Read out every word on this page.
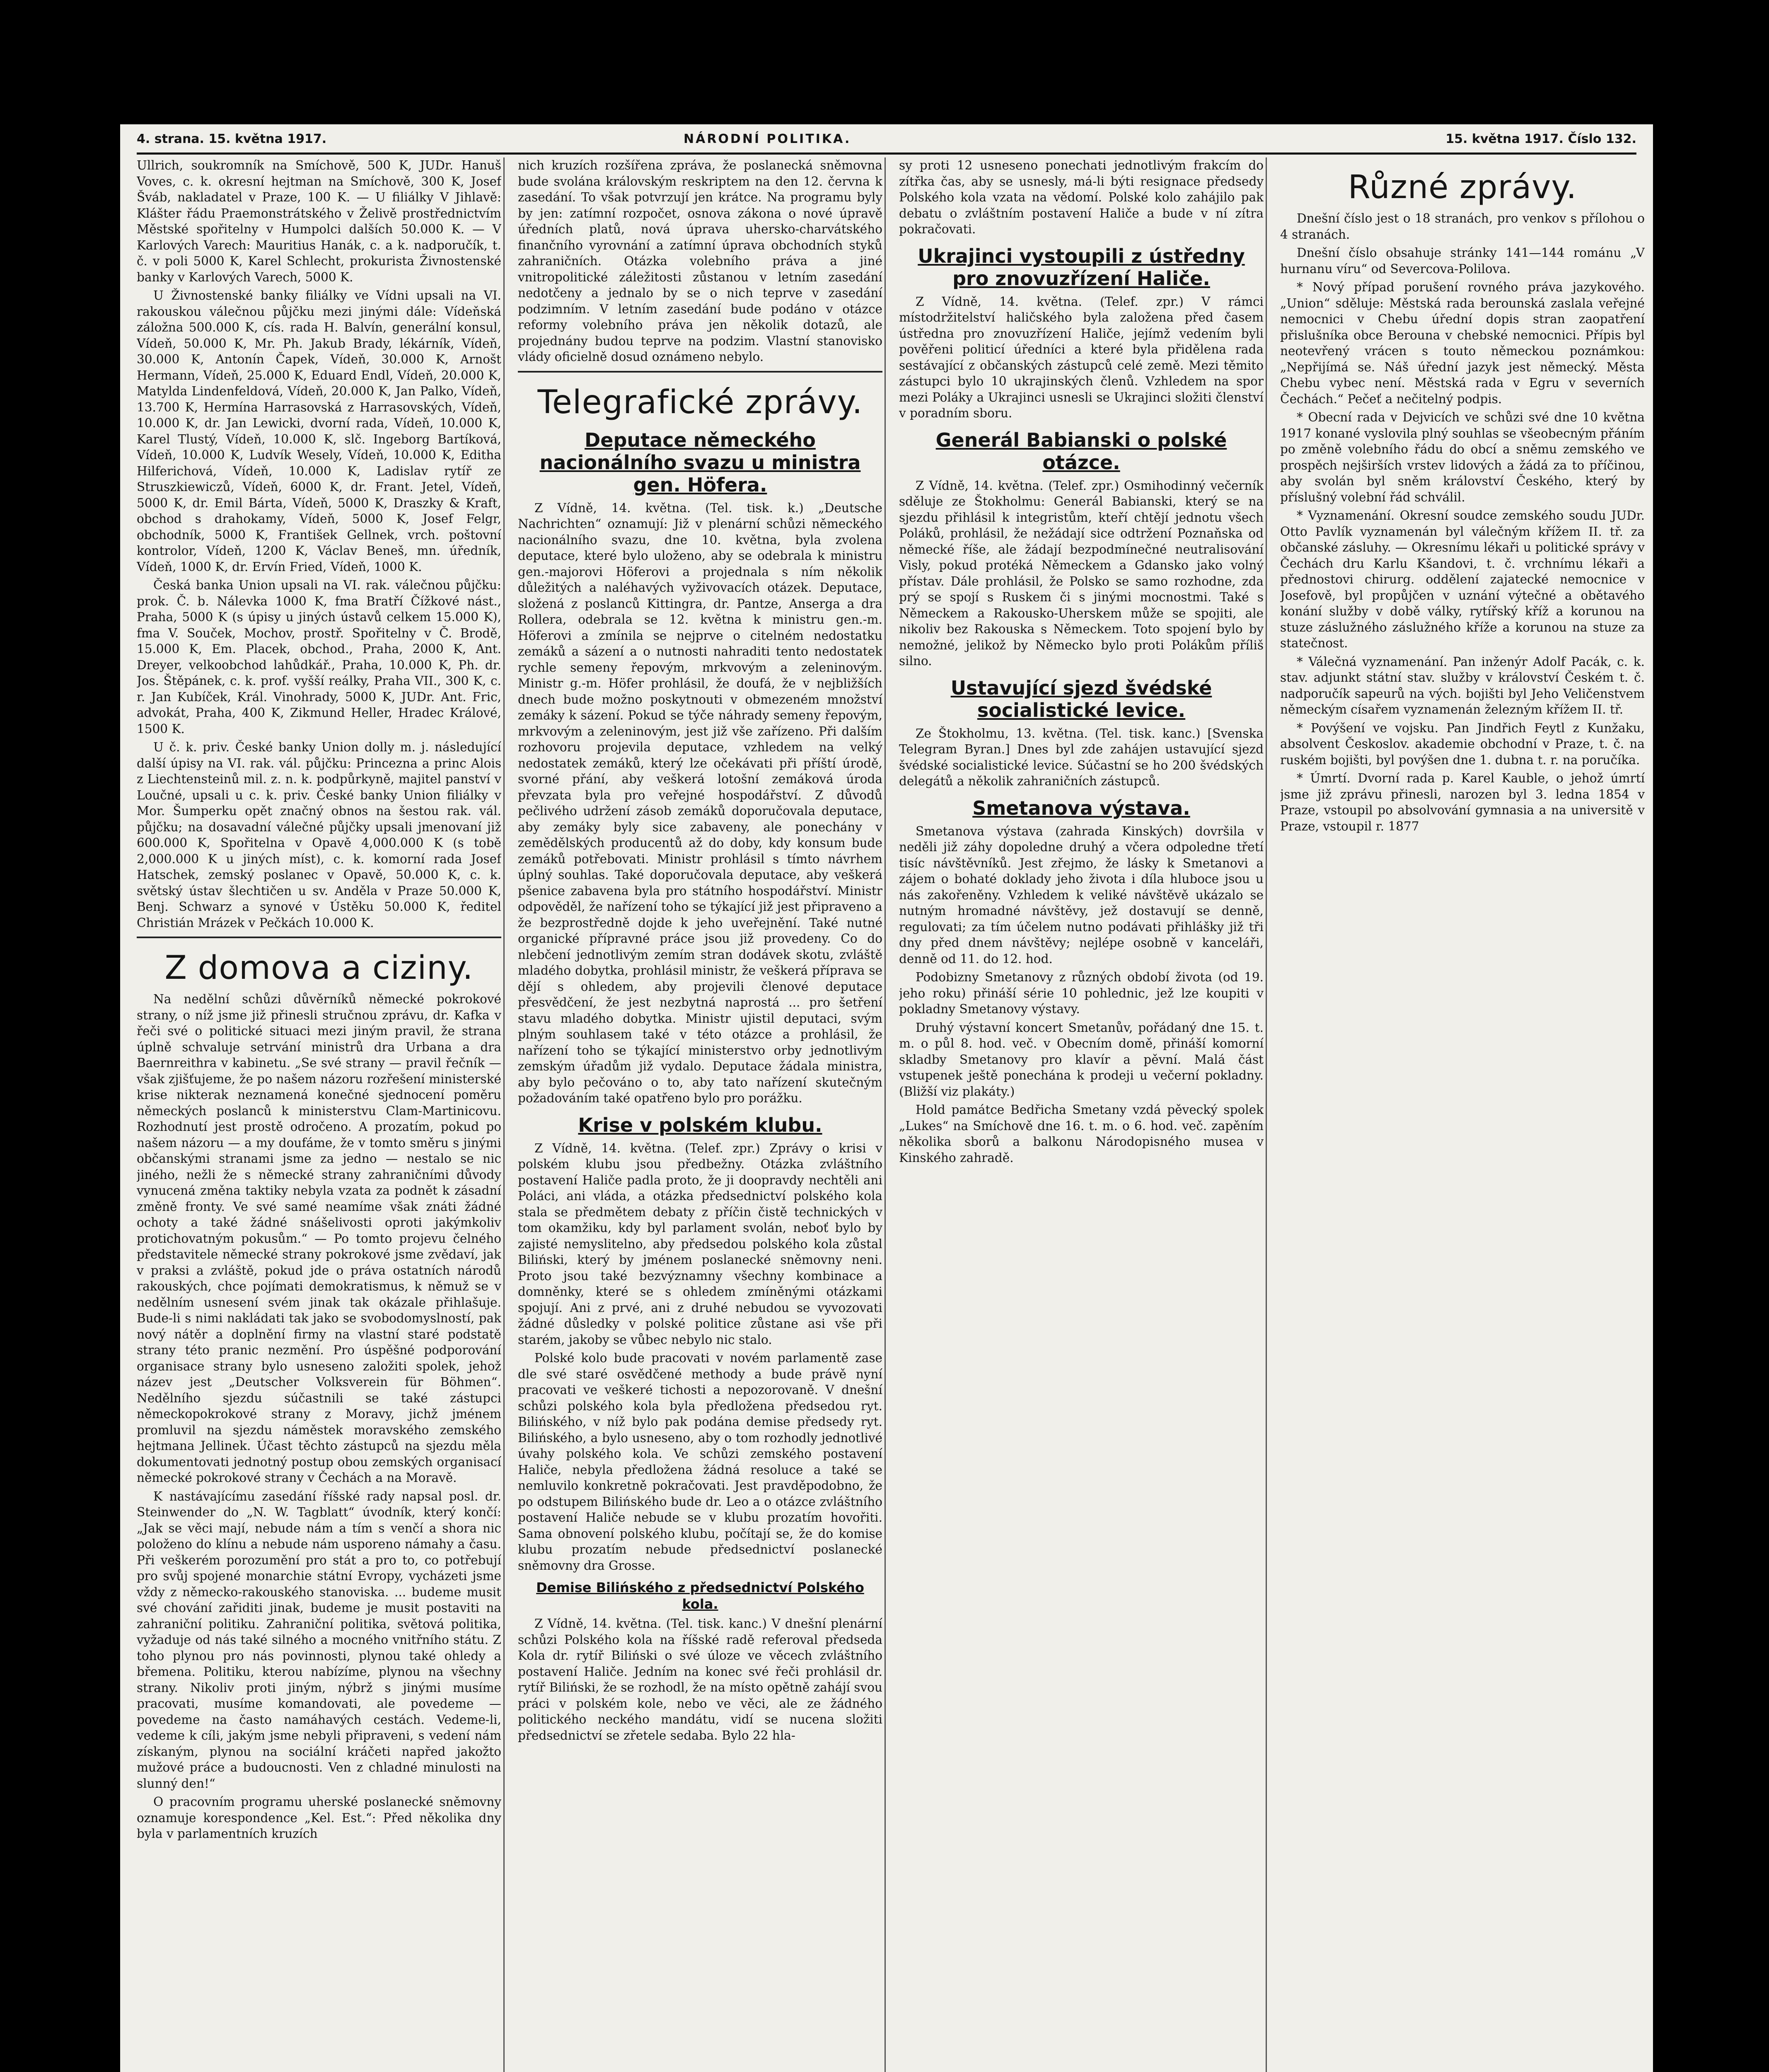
4. strana. 15. května 1917.	NÁRODNÍ POLITIKA.	15. května 1917. Číslo 132.

Ullrich, soukromník na Smíchově, 500 K, JUDr. Hanuš Voves, c. k. okresní hejtman na Smíchově, 300 K, Josef Šváb, nakladatel v Praze, 100 K. — U filiálky V Jihlavě: Klášter řádu Praemonstrátského v Želivě prostřednictvím Městské spořitelny v Humpolci dalších 50.000 K. — V Karlových Varech: Mauritius Hanák, c. a k. nadporučík, t. č. v poli 5000 K, Karel Schlecht, prokurista Živnostenské banky v Karlových Varech, 5000 K.

U Živnostenské banky filiálky ve Vídni upsali na VI. rakouskou válečnou půjčku mezi jinými dále: Vídeňská záložna 500.000 K, cís. rada H. Balvín, generální konsul, Vídeň, 50.000 K, Mr. Ph. Jakub Brady, lékárník, Vídeň, 30.000 K, Antonín Čapek, Vídeň, 30.000 K, Arnošt Hermann, Vídeň, 25.000 K, Eduard Endl, Vídeň, 20.000 K, Matylda Lindenfeldová, Vídeň, 20.000 K, Jan Palko, Vídeň, 13.700 K, Hermína Harrasovská z Harrasovských, Vídeň, 10.000 K, dr. Jan Lewicki, dvorní rada, Vídeň, 10.000 K, Karel Tlustý, Vídeň, 10.000 K, slč. Ingeborg Bartíková, Vídeň, 10.000 K, Ludvík Wesely, Vídeň, 10.000 K, Editha Hilferichová, Vídeň, 10.000 K, Ladislav rytíř ze Struszkiewiczů, Vídeň, 6000 K, dr. Frant. Jetel, Vídeň, 5000 K, dr. Emil Bárta, Vídeň, 5000 K, Draszky & Kraft, obchod s drahokamy, Vídeň, 5000 K, Josef Felgr, obchodník, 5000 K, František Gellnek, vrch. poštovní kontrolor, Vídeň, 1200 K, Václav Beneš, mn. úředník, Vídeň, 1000 K, dr. Ervín Fried, Vídeň, 1000 K.

Česká banka Union upsali na VI. rak. válečnou půjčku: prok. Č. b. Nálevka 1000 K, fma Bratří Čížkové nást., Praha, 5000 K (s úpisy u jiných ústavů celkem 15.000 K), fma V. Souček, Mochov, prostř. Spořitelny v Č. Brodě, 15.000 K, Em. Placek, obchod., Praha, 2000 K, Ant. Dreyer, velkoobchod lahůdkář., Praha, 10.000 K, Ph. dr. Jos. Štěpánek, c. k. prof. vyšší reálky, Praha VII., 300 K, c. r. Jan Kubíček, Král. Vinohrady, 5000 K, JUDr. Ant. Fric, advokát, Praha, 400 K, Zikmund Heller, Hradec Králové, 1500 K.

U č. k. priv. České banky Union dolly m. j. následující další úpisy na VI. rak. vál. půjčku: Princezna a princ Alois z Liechtensteinů mil. z. n. k. podpůrkyně, majitel panství v Loučné, upsali u c. k. priv. České banky Union filiálky v Mor. Šumperku opět značný obnos na šestou rak. vál. půjčku; na dosavadní válečné půjčky upsali jmenovaní již 600.000 K, Spořitelna v Opavě 4,000.000 K (s tobě 2,000.000 K u jiných míst), c. k. komorní rada Josef Hatschek, zemský poslanec v Opavě, 50.000 K, c. k. světský ústav šlechtičen u sv. Anděla v Praze 50.000 K, Benj. Schwarz a synové v Ústěku 50.000 K, ředitel Christián Mrázek v Pečkách 10.000 K.

Z domova a ciziny.

Na nedělní schůzi důvěrníků německé pokrokové strany, o níž jsme již přinesli stručnou zprávu, dr. Kafka v řeči své o politické situaci mezi jiným pravil, že strana úplně schvaluje setrvání ministrů dra Urbana a dra Baernreithra v kabinetu. „Se své strany — pravil řečník — však zjišťujeme, že po našem názoru rozřešení ministerské krise nikterak neznamená konečné sjednocení poměru německých poslanců k ministerstvu Clam-Martinicovu. Rozhodnutí jest prostě odročeno. A prozatím, pokud po našem názoru — a my doufáme, že v tomto směru s jinými občanskými stranami jsme za jedno — nestalo se nic jiného, nežli že s německé strany zahraničními důvody vynucená změna taktiky nebyla vzata za podnět k zásadní změně fronty. Ve své samé neamíme však znáti žádné ochoty a také žádné snášelivosti oproti jakýmkoliv protichovatným pokusům.“ — Po tomto projevu čelného představitele německé strany pokrokové jsme zvědaví, jak v praksi a zvláště, pokud jde o práva ostatních národů rakouských, chce pojímati demokratismus, k němuž se v nedělním usnesení svém jinak tak okázale přihlašuje. Bude-li s nimi nakládati tak jako se svobodomyslností, pak nový nátěr a doplnění firmy na vlastní staré podstatě strany této pranic nezmění. Pro úspěšné podporování organisace strany bylo usneseno založiti spolek, jehož název jest „Deutscher Volksverein für Böhmen“. Nedělního sjezdu súčastnili se také zástupci německopokrokové strany z Moravy, jichž jménem promluvil na sjezdu náměstek moravského zemského hejtmana Jellinek. Účast těchto zástupců na sjezdu měla dokumentovati jednotný postup obou zemských organisací německé pokrokové strany v Čechách a na Moravě.

K nastávajícímu zasedání říšské rady napsal posl. dr. Steinwender do „N. W. Tagblatt“ úvodník, který končí: „Jak se věci mají, nebude nám a tím s venčí a shora nic položeno do klínu a nebude nám usporeno námahy a času. Při veškerém porozumění pro stát a pro to, co potřebují pro svůj spojené monarchie státní Evropy, vycházeti jsme vždy z německo-rakouského stanoviska. ... budeme musit své chování zařiditi jinak, budeme je musit postaviti na zahraniční politiku. Zahraniční politika, světová politika, vyžaduje od nás také silného a mocného vnitřního státu. Z toho plynou pro nás povinnosti, plynou také ohledy a břemena. Politiku, kterou nabízíme, plynou na všechny strany. Nikoliv proti jiným, nýbrž s jinými musíme pracovati, musíme komandovati, ale povedeme — povedeme na často namáhavých cestách. Vedeme-li, vedeme k cíli, jakým jsme nebyli připraveni, s vedení nám získaným, plynou na sociální kráčeti napřed jakožto mužové práce a budoucnosti. Ven z chladné minulosti na slunný den!“

O pracovním programu uherské poslanecké sněmovny oznamuje korespondence „Kel. Est.“: Před několika dny byla v parlamentních kruzích

nich kruzích rozšířena zpráva, že poslanecká sněmovna bude svolána královským reskriptem na den 12. června k zasedání. To však potvrzují jen krátce. Na programu byly by jen: zatímní rozpočet, osnova zákona o nové úpravě úředních platů, nová úprava uhersko-charvátského finančního vyrovnání a zatímní úprava obchodních styků zahraničních. Otázka volebního práva a jiné vnitropolitické záležitosti zůstanou v letním zasedání nedotčeny a jednalo by se o nich teprve v zasedání podzimním. V letním zasedání bude podáno v otázce reformy volebního práva jen několik dotazů, ale projednány budou teprve na podzim. Vlastní stanovisko vlády oficielně dosud oznámeno nebylo.

Telegrafické zprávy.
Deputace německého nacionálního svazu u ministra gen. Höfera.

Z Vídně, 14. května. (Tel. tisk. k.) „Deutsche Nachrichten“ oznamují: Již v plenární schůzi německého nacionálního svazu, dne 10. května, byla zvolena deputace, které bylo uloženo, aby se odebrala k ministru gen.-majorovi Höferovi a projednala s ním několik důležitých a naléhavých vyživovacích otázek. Deputace, složená z poslanců Kittingra, dr. Pantze, Anserga a dra Rollera, odebrala se 12. května k ministru gen.-m. Höferovi a zmínila se nejprve o citelném nedostatku zemáků a sázení a o nutnosti nahraditi tento nedostatek rychle semeny řepovým, mrkvovým a zeleninovým. Ministr g.-m. Höfer prohlásil, že doufá, že v nejbližších dnech bude možno poskytnouti v obmezeném množství zemáky k sázení. Pokud se týče náhrady semeny řepovým, mrkvovým a zeleninovým, jest již vše zařízeno. Při dalším rozhovoru projevila deputace, vzhledem na velký nedostatek zemáků, který lze očekávati při příští úrodě, svorné přání, aby veškerá lotošní zemáková úroda převzata byla pro veřejné hospodářství. Z důvodů pečlivého udržení zásob zemáků doporučovala deputace, aby zemáky byly sice zabaveny, ale ponechány v zemědělských producentů až do doby, kdy konsum bude zemáků potřebovati. Ministr prohlásil s tímto návrhem úplný souhlas. Také doporučovala deputace, aby veškerá pšenice zabavena byla pro státního hospodářství. Ministr odpověděl, že nařízení toho se týkající již jest připraveno a že bezprostředně dojde k jeho uveřejnění. Také nutné organické přípravné práce jsou již provedeny. Co do nlebčení jednotlivým zemím stran dodávek skotu, zvláště mladého dobytka, prohlásil ministr, že veškerá příprava se dějí s ohledem, aby projevili členové deputace přesvědčení, že jest nezbytná naprostá ... pro šetření stavu mladého dobytka. Ministr ujistil deputaci, svým plným souhlasem také v této otázce a prohlásil, že nařízení toho se týkající ministerstvo orby jednotlivým zemským úřadům již vydalo. Deputace žádala ministra, aby bylo pečováno o to, aby tato nařízení skutečným požadováním také opatřeno bylo pro porážku.

Krise v polském klubu.

Z Vídně, 14. května. (Telef. zpr.) Zprávy o krisi v polském klubu jsou předbežny. Otázka zvláštního postavení Haliče padla proto, že ji doopravdy nechtěli ani Poláci, ani vláda, a otázka předsednictví polského kola stala se předmětem debaty z příčin čistě technických v tom okamžiku, kdy byl parlament svolán, neboť bylo by zajisté nemyslitelno, aby předsedou polského kola zůstal Biliński, který by jménem poslanecké sněmovny neni. Proto jsou také bezvýznamny všechny kombinace a domněnky, které se s ohledem zmíněnými otázkami spojují. Ani z prvé, ani z druhé nebudou se vyvozovati žádné důsledky v polské politice zůstane asi vše při starém, jakoby se vůbec nebylo nic stalo.

Polské kolo bude pracovati v novém parlamentě zase dle své staré osvědčené methody a bude právě nyní pracovati ve veškeré tichosti a nepozorovaně. V dnešní schůzi polského kola byla předložena předsedou ryt. Bilińského, v níž bylo pak podána demise předsedy ryt. Bilińského, a bylo usneseno, aby o tom rozhodly jednotlivé úvahy polského kola. Ve schůzi zemského postavení Haliče, nebyla předložena žádná resoluce a také se nemluvilo konkretně pokračovati. Jest pravděpodobno, že po odstupem Bilińského bude dr. Leo a o otázce zvláštního postavení Haliče nebude se v klubu prozatím hovořiti. Sama obnovení polského klubu, počítají se, že do komise klubu prozatím nebude předsednictví poslanecké sněmovny dra Grosse.

Demise Bilińského z předsednictví Polského kola.

Z Vídně, 14. května. (Tel. tisk. kanc.) V dnešní plenární schůzi Polského kola na říšské radě referoval předseda Kola dr. rytíř Biliński o své úloze ve věcech zvláštního postavení Haliče. Jedním na konec své řeči prohlásil dr. rytíř Biliński, že se rozhodl, že na místo opětně zahájí svou práci v polském kole, nebo ve věci, ale ze žádného politického neckého mandátu, vidí se nucena složiti předsednictví se zřetele sedaba. Bylo 22 hla-

sy proti 12 usneseno ponechati jednotlivým frakcím do zítřka čas, aby se usnesly, má-li býti resignace předsedy Polského kola vzata na vědomí. Polské kolo zahájilo pak debatu o zvláštním postavení Haliče a bude v ní zítra pokračovati.

Ukrajinci vystoupili z ústředny pro znovuzřízení Haliče.

Z Vídně, 14. května. (Telef. zpr.) V rámci místodržitelství haličského byla založena před časem ústředna pro znovuzřízení Haliče, jejímž vedením byli pověřeni politicí úředníci a které byla přidělena rada sestávající z občanských zástupců celé země. Mezi těmito zástupci bylo 10 ukrajinských členů. Vzhledem na spor mezi Poláky a Ukrajinci usnesli se Ukrajinci složiti členství v poradním sboru.

Generál Babianski o polské otázce.

Z Vídně, 14. května. (Telef. zpr.) Osmihodinný večerník sděluje ze Štokholmu: Generál Babianski, který se na sjezdu přihlásil k integristům, kteří chtějí jednotu všech Poláků, prohlásil, že nežádají sice odtržení Poznaňska od německé říše, ale žádají bezpodmínečné neutralisování Visly, pokud protéká Německem a Gdansko jako volný přístav. Dále prohlásil, že Polsko se samo rozhodne, zda prý se spojí s Ruskem či s jinými mocnostmi. Také s Německem a Rakousko-Uherskem může se spojiti, ale nikoliv bez Rakouska s Německem. Toto spojení bylo by nemožné, jelikož by Německo bylo proti Polákům příliš silno.

Ustavující sjezd švédské socialistické levice.

Ze Štokholmu, 13. května. (Tel. tisk. kanc.) [Svenska Telegram Byran.] Dnes byl zde zahájen ustavující sjezd švédské socialistické levice. Súčastní se ho 200 švédských delegátů a několik zahraničních zástupců.

Smetanova výstava.

Smetanova výstava (zahrada Kinských) dovršila v neděli již záhy dopoledne druhý a včera odpoledne třetí tisíc návštěvníků. Jest zřejmo, že lásky k Smetanovi a zájem o bohaté doklady jeho života i díla hluboce jsou u nás zakořeněny. Vzhledem k veliké návštěvě ukázalo se nutným hromadné návštěvy, jež dostavují se denně, regulovati; za tím účelem nutno podávati přihlášky již tři dny před dnem návštěvy; nejlépe osobně v kanceláři, denně od 11. do 12. hod.

Podobizny Smetanovy z různých období života (od 19. jeho roku) přináší série 10 pohlednic, jež lze koupiti v pokladny Smetanovy výstavy.

Druhý výstavní koncert Smetanův, pořádaný dne 15. t. m. o půl 8. hod. več. v Obecním domě, přináší komorní skladby Smetanovy pro klavír a pěvní. Malá část vstupenek ještě ponechána k prodeji u večerní pokladny. (Bližší viz plakáty.)

Hold památce Bedřicha Smetany vzdá pěvecký spolek „Lukes“ na Smíchově dne 16. t. m. o 6. hod. več. zapěním několika sborů a balkonu Národopisného musea v Kinského zahradě.

Různé zprávy.

Dnešní číslo jest o 18 stranách, pro venkov s přílohou o 4 stranách.

Dnešní číslo obsahuje stránky 141—144 románu „V hurnanu víru“ od Severcova-Polilova.

* Nový případ porušení rovného práva jazykového. „Union“ sděluje: Městská rada berounská zaslala veřejné nemocnici v Chebu úřední dopis stran zaopatření přislušníka obce Berouna v chebské nemocnici. Přípis byl neotevřený vrácen s touto německou poznámkou: „Nepřijímá se. Náš úřední jazyk jest německý. Města Chebu vybec není. Městská rada v Egru v severních Čechách.“ Pečeť a nečitelný podpis.

* Obecní rada v Dejvicích ve schůzi své dne 10 května 1917 konané vyslovila plný souhlas se všeobecným přáním po změně volebního řádu do obcí a sněmu zemského ve prospěch nejširších vrstev lidových a žádá za to příčinou, aby svolán byl sněm království Českého, který by příslušný volební řád schválil.

* Vyznamenání. Okresní soudce zemského soudu JUDr. Otto Pavlík vyznamenán byl válečným křížem II. tř. za občanské zásluhy. — Okresnímu lékaři u politické správy v Čechách dru Karlu Kšandovi, t. č. vrchnímu lékaři a přednostovi chirurg. oddělení zajatecké nemocnice v Josefově, byl propůjčen v uznání výtečné a obětavého konání služby v době války, rytířský kříž a korunou na stuze záslužného záslužného kříže a korunou na stuze za statečnost.

* Válečná vyznamenání. Pan inženýr Adolf Pacák, c. k. stav. adjunkt státní stav. služby v království Českém t. č. nadporučík sapeurů na vých. bojišti byl Jeho Veličenstvem německým císařem vyznamenán železným křížem II. tř.

* Povýšení ve vojsku. Pan Jindřich Feytl z Kunžaku, absolvent Českoslov. akademie obchodní v Praze, t. č. na ruském bojišti, byl povýšen dne 1. dubna t. r. na poručíka.

* Úmrtí. Dvorní rada p. Karel Kauble, o jehož úmrtí jsme již zprávu přinesli, narozen byl 3. ledna 1854 v Praze, vstoupil po absolvování gymnasia a na universitě v Praze, vstoupil r. 1877
